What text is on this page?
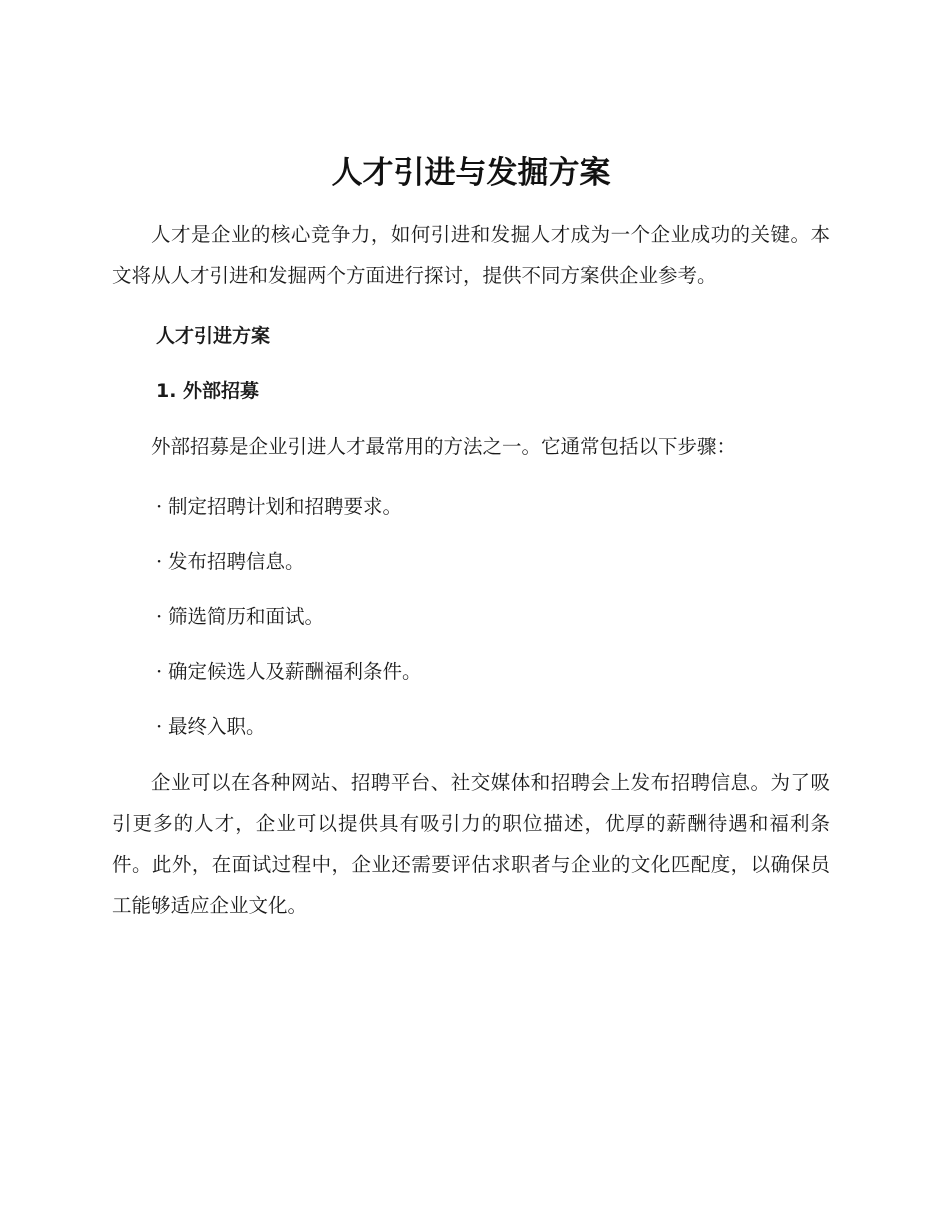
人才引进与发掘方案

人才是企业的核心竞争力，如何引进和发掘人才成为一个企业成功的关键。本文将从人才引进和发掘两个方面进行探讨，提供不同方案供企业参考。

人才引进方案
1. 外部招募

外部招募是企业引进人才最常用的方法之一。它通常包括以下步骤：

· 制定招聘计划和招聘要求。
· 发布招聘信息。
· 筛选简历和面试。
· 确定候选人及薪酬福利条件。
· 最终入职。

企业可以在各种网站、招聘平台、社交媒体和招聘会上发布招聘信息。为了吸引更多的人才，企业可以提供具有吸引力的职位描述，优厚的薪酬待遇和福利条件。此外，在面试过程中，企业还需要评估求职者与企业的文化匹配度，以确保员工能够适应企业文化。
